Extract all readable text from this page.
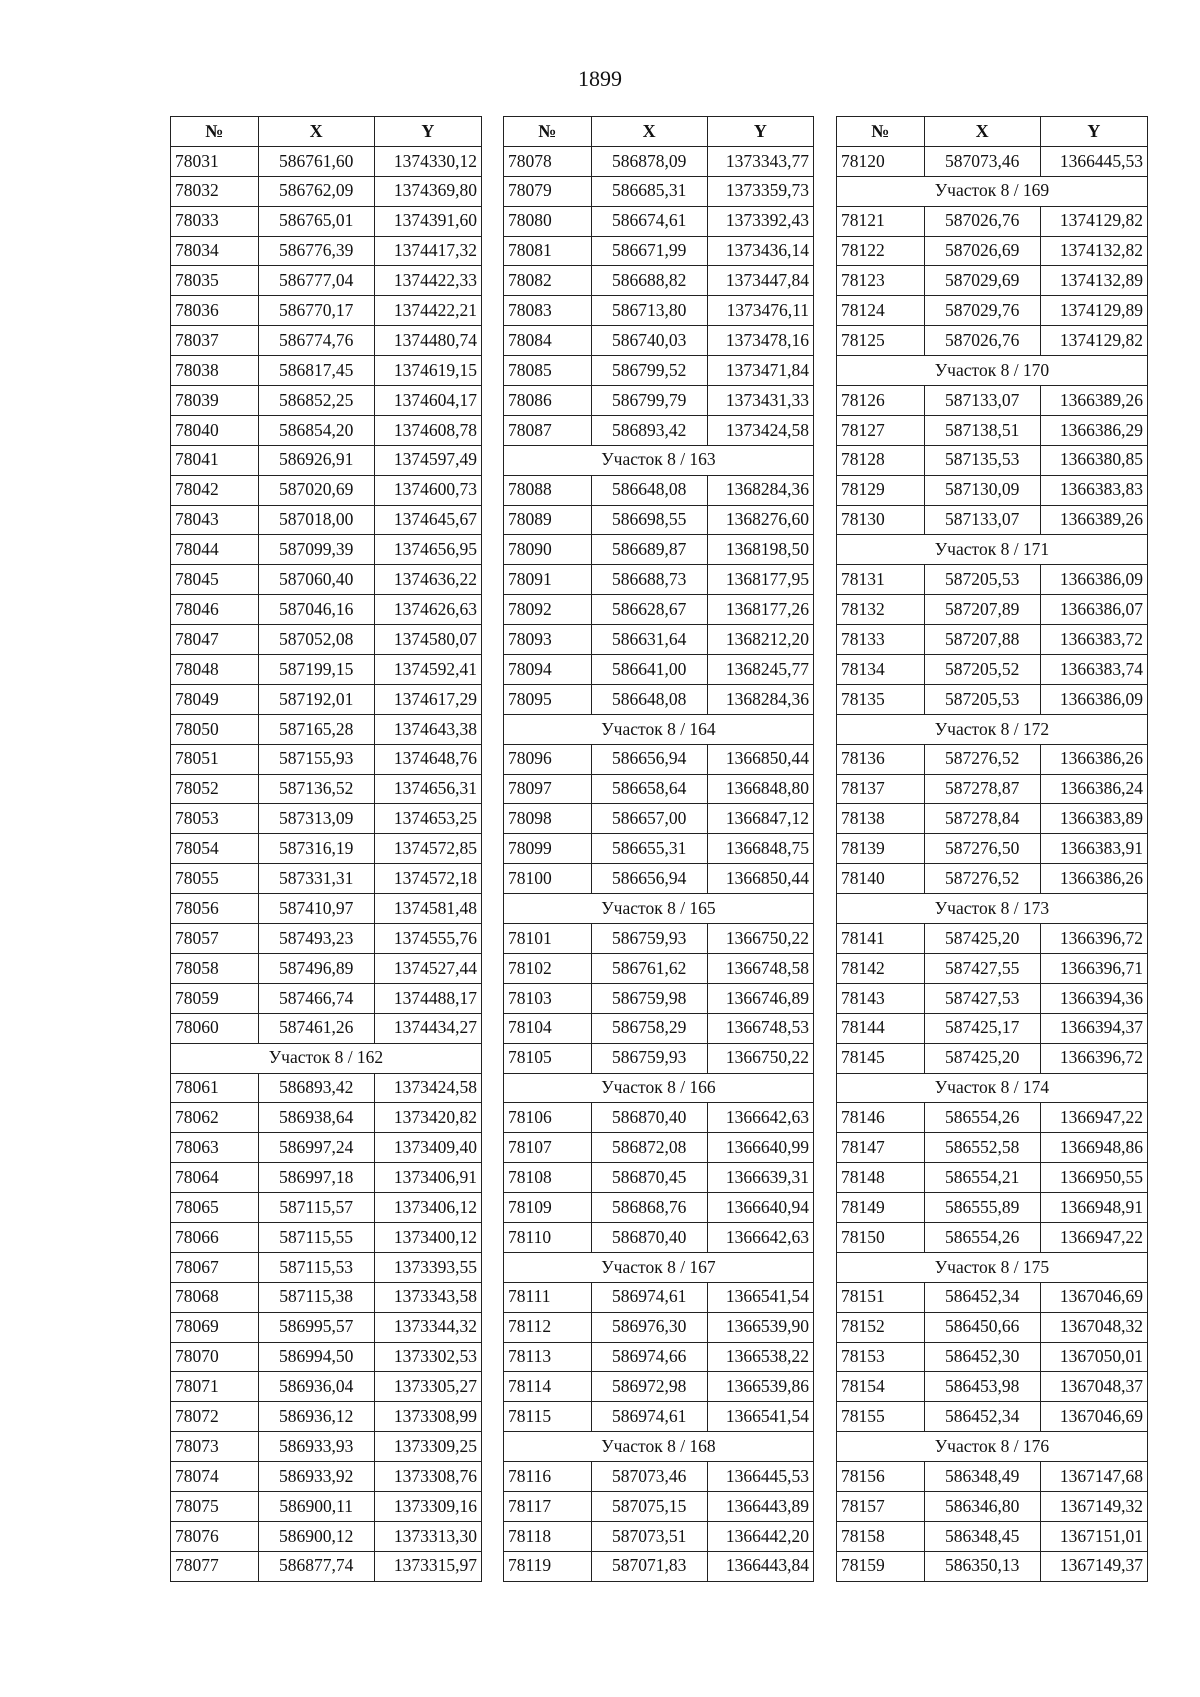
1899
№	X	Y
78031	586761,60	1374330,12
78032	586762,09	1374369,80
78033	586765,01	1374391,60
78034	586776,39	1374417,32
78035	586777,04	1374422,33
78036	586770,17	1374422,21
78037	586774,76	1374480,74
78038	586817,45	1374619,15
78039	586852,25	1374604,17
78040	586854,20	1374608,78
78041	586926,91	1374597,49
78042	587020,69	1374600,73
78043	587018,00	1374645,67
78044	587099,39	1374656,95
78045	587060,40	1374636,22
78046	587046,16	1374626,63
78047	587052,08	1374580,07
78048	587199,15	1374592,41
78049	587192,01	1374617,29
78050	587165,28	1374643,38
78051	587155,93	1374648,76
78052	587136,52	1374656,31
78053	587313,09	1374653,25
78054	587316,19	1374572,85
78055	587331,31	1374572,18
78056	587410,97	1374581,48
78057	587493,23	1374555,76
78058	587496,89	1374527,44
78059	587466,74	1374488,17
78060	587461,26	1374434,27
Участок 8 / 162		
78061	586893,42	1373424,58
78062	586938,64	1373420,82
78063	586997,24	1373409,40
78064	586997,18	1373406,91
78065	587115,57	1373406,12
78066	587115,55	1373400,12
78067	587115,53	1373393,55
78068	587115,38	1373343,58
78069	586995,57	1373344,32
78070	586994,50	1373302,53
78071	586936,04	1373305,27
78072	586936,12	1373308,99
78073	586933,93	1373309,25
78074	586933,92	1373308,76
78075	586900,11	1373309,16
78076	586900,12	1373313,30
78077	586877,74	1373315,97
№	X	Y
78078	586878,09	1373343,77
78079	586685,31	1373359,73
78080	586674,61	1373392,43
78081	586671,99	1373436,14
78082	586688,82	1373447,84
78083	586713,80	1373476,11
78084	586740,03	1373478,16
78085	586799,52	1373471,84
78086	586799,79	1373431,33
78087	586893,42	1373424,58
Участок 8 / 163		
78088	586648,08	1368284,36
78089	586698,55	1368276,60
78090	586689,87	1368198,50
78091	586688,73	1368177,95
78092	586628,67	1368177,26
78093	586631,64	1368212,20
78094	586641,00	1368245,77
78095	586648,08	1368284,36
Участок 8 / 164		
78096	586656,94	1366850,44
78097	586658,64	1366848,80
78098	586657,00	1366847,12
78099	586655,31	1366848,75
78100	586656,94	1366850,44
Участок 8 / 165		
78101	586759,93	1366750,22
78102	586761,62	1366748,58
78103	586759,98	1366746,89
78104	586758,29	1366748,53
78105	586759,93	1366750,22
Участок 8 / 166		
78106	586870,40	1366642,63
78107	586872,08	1366640,99
78108	586870,45	1366639,31
78109	586868,76	1366640,94
78110	586870,40	1366642,63
Участок 8 / 167		
78111	586974,61	1366541,54
78112	586976,30	1366539,90
78113	586974,66	1366538,22
78114	586972,98	1366539,86
78115	586974,61	1366541,54
Участок 8 / 168		
78116	587073,46	1366445,53
78117	587075,15	1366443,89
78118	587073,51	1366442,20
78119	587071,83	1366443,84
№	X	Y
78120	587073,46	1366445,53
Участок 8 / 169		
78121	587026,76	1374129,82
78122	587026,69	1374132,82
78123	587029,69	1374132,89
78124	587029,76	1374129,89
78125	587026,76	1374129,82
Участок 8 / 170		
78126	587133,07	1366389,26
78127	587138,51	1366386,29
78128	587135,53	1366380,85
78129	587130,09	1366383,83
78130	587133,07	1366389,26
Участок 8 / 171		
78131	587205,53	1366386,09
78132	587207,89	1366386,07
78133	587207,88	1366383,72
78134	587205,52	1366383,74
78135	587205,53	1366386,09
Участок 8 / 172		
78136	587276,52	1366386,26
78137	587278,87	1366386,24
78138	587278,84	1366383,89
78139	587276,50	1366383,91
78140	587276,52	1366386,26
Участок 8 / 173		
78141	587425,20	1366396,72
78142	587427,55	1366396,71
78143	587427,53	1366394,36
78144	587425,17	1366394,37
78145	587425,20	1366396,72
Участок 8 / 174		
78146	586554,26	1366947,22
78147	586552,58	1366948,86
78148	586554,21	1366950,55
78149	586555,89	1366948,91
78150	586554,26	1366947,22
Участок 8 / 175		
78151	586452,34	1367046,69
78152	586450,66	1367048,32
78153	586452,30	1367050,01
78154	586453,98	1367048,37
78155	586452,34	1367046,69
Участок 8 / 176		
78156	586348,49	1367147,68
78157	586346,80	1367149,32
78158	586348,45	1367151,01
78159	586350,13	1367149,37
